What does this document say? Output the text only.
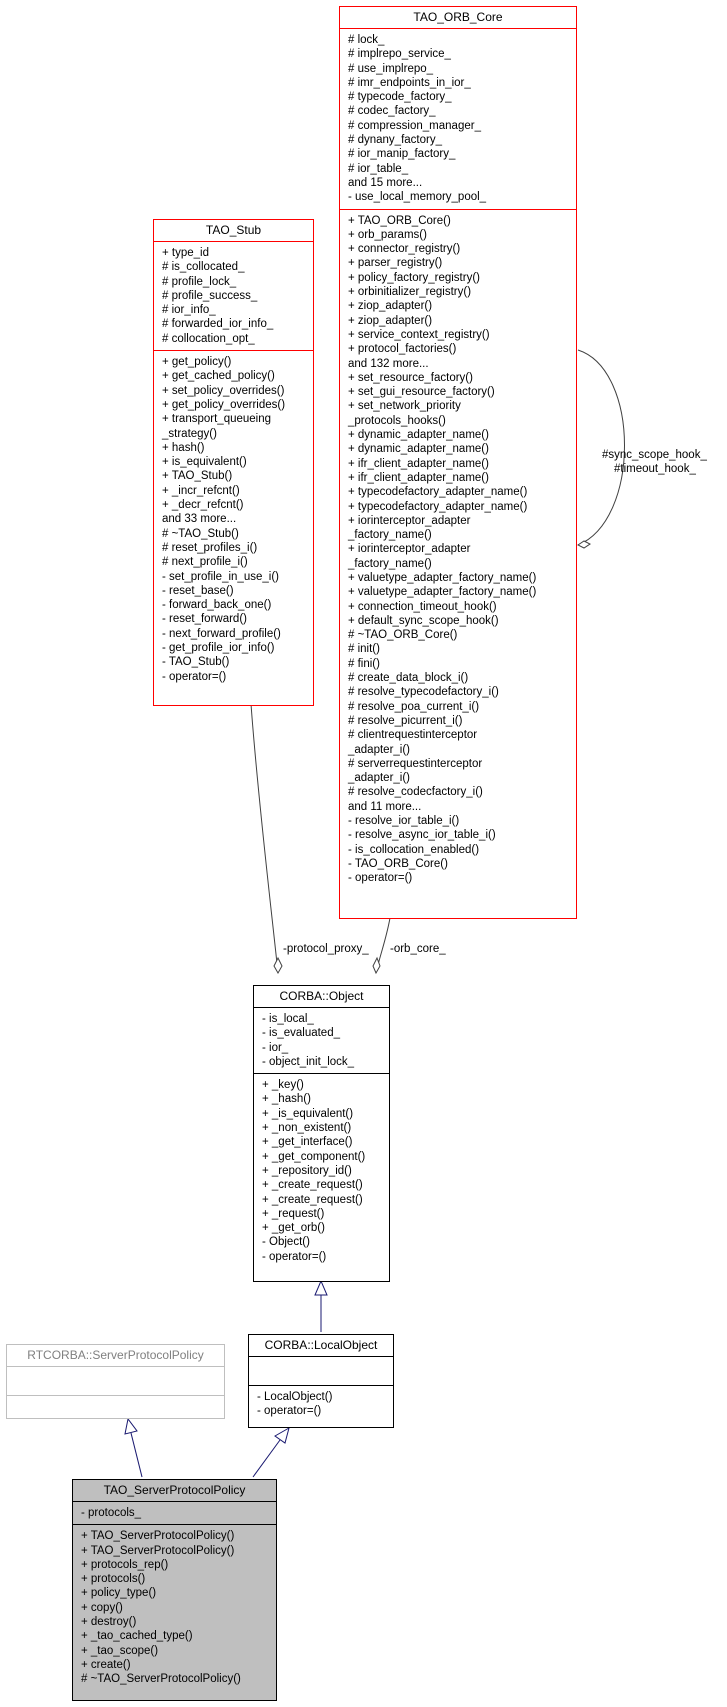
-protocol_proxy_ -orb_core_
#sync_scope_hook_
#timeout_hook_
TAO_ORB_Core
# lock_
# implrepo_service_
# use_implrepo_
# imr_endpoints_in_ior_
# typecode_factory_
# codec_factory_
# compression_manager_
# dynany_factory_
# ior_manip_factory_
# ior_table_
and 15 more...
- use_local_memory_pool_
+ TAO_ORB_Core()
+ orb_params()
+ connector_registry()
+ parser_registry()
+ policy_factory_registry()
+ orbinitializer_registry()
+ ziop_adapter()
+ ziop_adapter()
+ service_context_registry()
+ protocol_factories()
and 132 more...
+ set_resource_factory()
+ set_gui_resource_factory()
+ set_network_priority
_protocols_hooks()
+ dynamic_adapter_name()
+ dynamic_adapter_name()
+ ifr_client_adapter_name()
+ ifr_client_adapter_name()
+ typecodefactory_adapter_name()
+ typecodefactory_adapter_name()
+ iorinterceptor_adapter
_factory_name()
+ iorinterceptor_adapter
_factory_name()
+ valuetype_adapter_factory_name()
+ valuetype_adapter_factory_name()
+ connection_timeout_hook()
+ default_sync_scope_hook()
# ~TAO_ORB_Core()
# init()
# fini()
# create_data_block_i()
# resolve_typecodefactory_i()
# resolve_poa_current_i()
# resolve_picurrent_i()
# clientrequestinterceptor
_adapter_i()
# serverrequestinterceptor
_adapter_i()
# resolve_codecfactory_i()
and 11 more...
- resolve_ior_table_i()
- resolve_async_ior_table_i()
- is_collocation_enabled()
- TAO_ORB_Core()
- operator=()
TAO_Stub
+ type_id
# is_collocated_
# profile_lock_
# profile_success_
# ior_info_
# forwarded_ior_info_
# collocation_opt_
+ get_policy()
+ get_cached_policy()
+ set_policy_overrides()
+ get_policy_overrides()
+ transport_queueing
_strategy()
+ hash()
+ is_equivalent()
+ TAO_Stub()
+ _incr_refcnt()
+ _decr_refcnt()
and 33 more...
# ~TAO_Stub()
# reset_profiles_i()
# next_profile_i()
- set_profile_in_use_i()
- reset_base()
- forward_back_one()
- reset_forward()
- next_forward_profile()
- get_profile_ior_info()
- TAO_Stub()
- operator=()
CORBA::Object
- is_local_
- is_evaluated_
- ior_
- object_init_lock_
+ _key()
+ _hash()
+ _is_equivalent()
+ _non_existent()
+ _get_interface()
+ _get_component()
+ _repository_id()
+ _create_request()
+ _create_request()
+ _request()
+ _get_orb()
- Object()
- operator=()
CORBA::LocalObject
- LocalObject()
- operator=()
RTCORBA::ServerProtocolPolicy
TAO_ServerProtocolPolicy
- protocols_
+ TAO_ServerProtocolPolicy()
+ TAO_ServerProtocolPolicy()
+ protocols_rep()
+ protocols()
+ policy_type()
+ copy()
+ destroy()
+ _tao_cached_type()
+ _tao_scope()
+ create()
# ~TAO_ServerProtocolPolicy()
